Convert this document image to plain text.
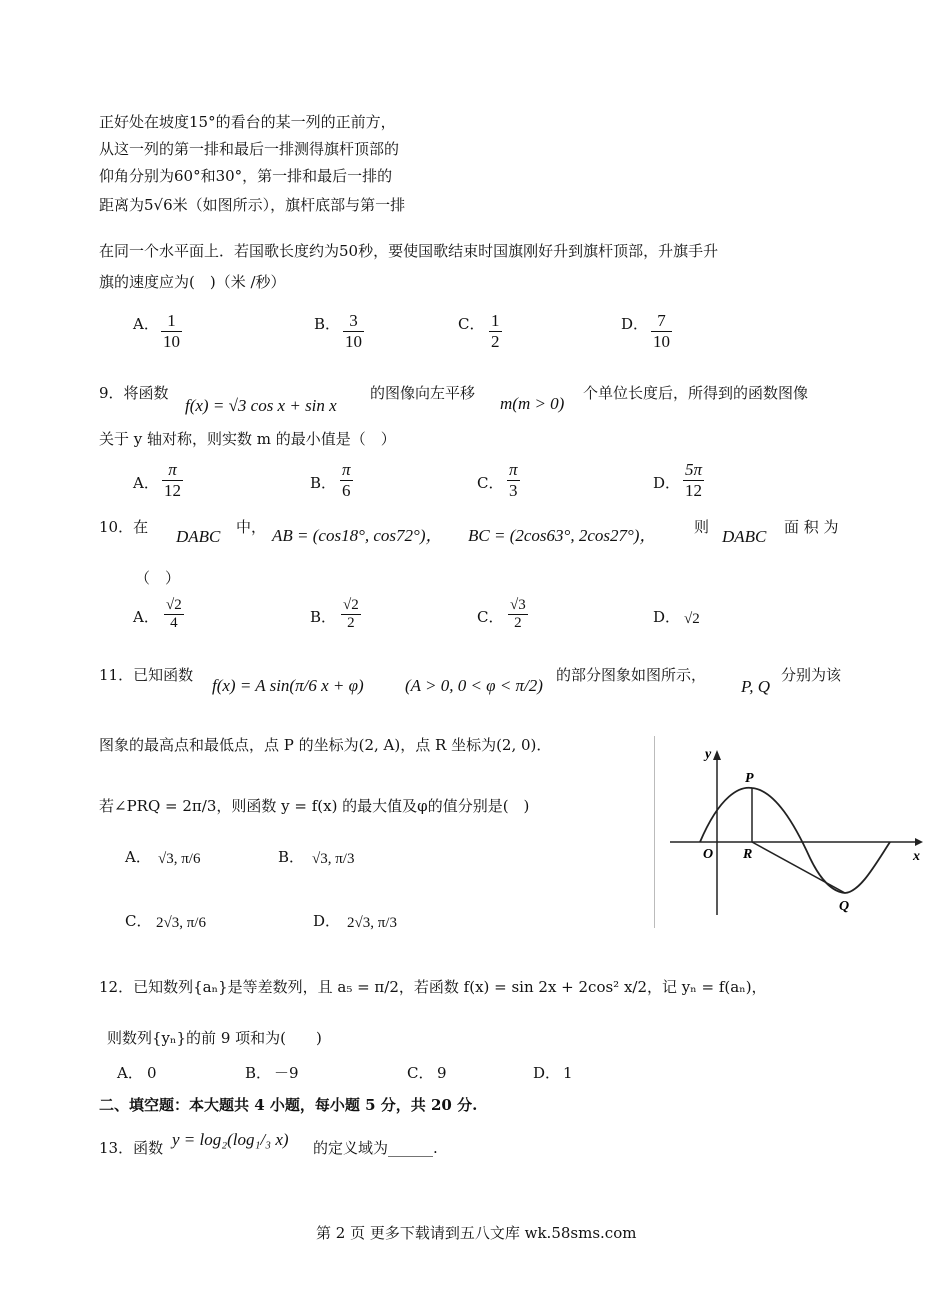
正好处在坡度15°的看台的某一列的正前方，
从这一列的第一排和最后一排测得旗杆顶部的
仰角分别为60°和30°，第一排和最后一排的
距离为5√6米（如图所示），旗杆底部与第一排
在同一个水平面上．若国歌长度约为50秒，要使国歌结束时国旗刚好升到旗杆顶部，升旗手升
旗的速度应为(　)（米 /秒）
A． $\frac{1}{10}$	B． $\frac{3}{10}$	C． $\frac{1}{2}$	D． $\frac{7}{10}$
9．将函数
f(x) = √3 cos x + sin x
的图像向左平移
m(m > 0)
个单位长度后，所得到的函数图像
关于 y 轴对称，则实数 m 的最小值是（　）
A． $\frac{\pi}{12}$	B． $\frac{\pi}{6}$	C． $\frac{\pi}{3}$	D． $\frac{5\pi}{12}$
10．在 DABC 中， AB = (cos18°, cos72°)， BC = (2cos63°, 2cos27°)，	则 DABC 面 积 为
（　）
A． $\frac{√2}{4}$	B． $\frac{√2}{2}$	C． $\frac{√3}{2}$	D． √2
11．已知函数
f(x) = A sin(π/6 x + φ) (A > 0, 0 < φ < π/2)
的部分图象如图所示，
P, Q
分别为该
图象的最高点和最低点，点 P 的坐标为(2, A)，点 R 坐标为(2, 0)．
若∠PRQ = 2π/3，则函数 y = f(x) 的最大值及φ的值分别是(　)
A． √3, π/6	B． √3, π/3
C． 2√3, π/6	D． 2√3, π/3
y
x
O
P
R
Q
12．已知数列{aₙ}是等差数列，且 a₅ = π/2，若函数 f(x) = sin 2x + 2cos² x/2，记 yₙ = f(aₙ)，
则数列{yₙ}的前 9 项和为(　　)
A． 0	B． －9	C． 9	D． 1
二、填空题：本大题共 4 小题，每小题 5 分，共 20 分.
13．函数 y = log₂(log₁/₃ x) 的定义域为______.
第 2 页 更多下载请到五八文库 wk.58sms.com
